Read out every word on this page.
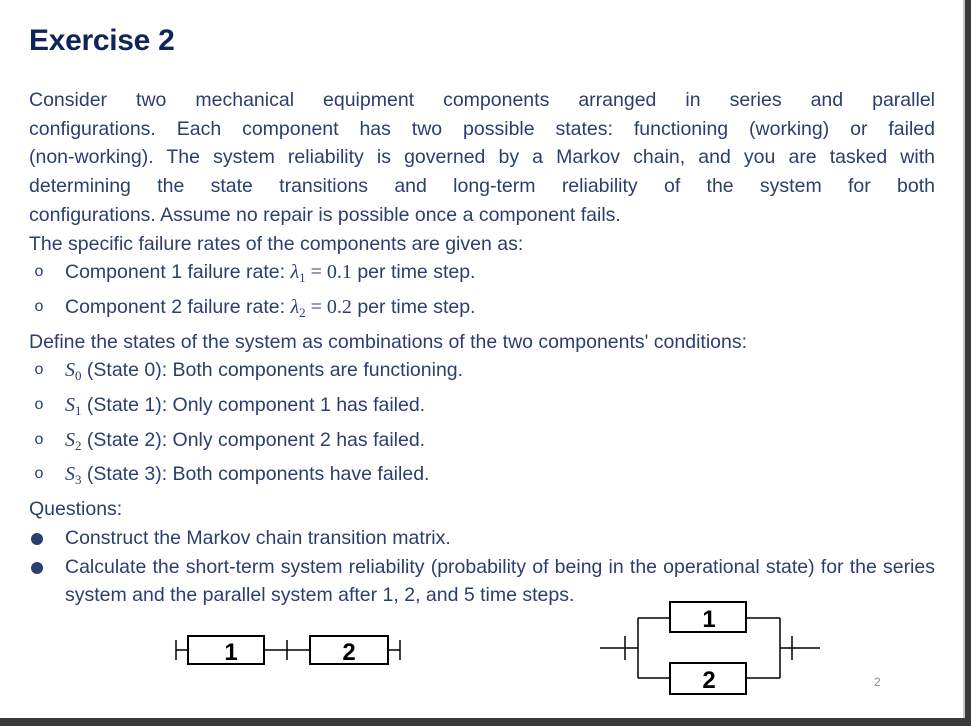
Exercise 2
Consider two mechanical equipment components arranged in series and parallel
configurations. Each component has two possible states: functioning (working) or failed
(non-working). The system reliability is governed by a Markov chain, and you are tasked with
determining the state transitions and long-term reliability of the system for both
configurations. Assume no repair is possible once a component fails.
The specific failure rates of the components are given as:
o Component 1 failure rate: $\lambda_1 = 0.1$ per time step.
o Component 2 failure rate: $\lambda_2 = 0.2$ per time step.
Define the states of the system as combinations of the two components' conditions:
o $S_0$ (State 0): Both components are functioning.
o $S_1$ (State 1): Only component 1 has failed.
o $S_2$ (State 2): Only component 2 has failed.
o $S_3$ (State 3): Both components have failed.
Questions:
Construct the Markov chain transition matrix.
Calculate the short-term system reliability (probability of being in the operational state) for the series system and the parallel system after 1, 2, and 5 time steps.
1	2
1
2	2
